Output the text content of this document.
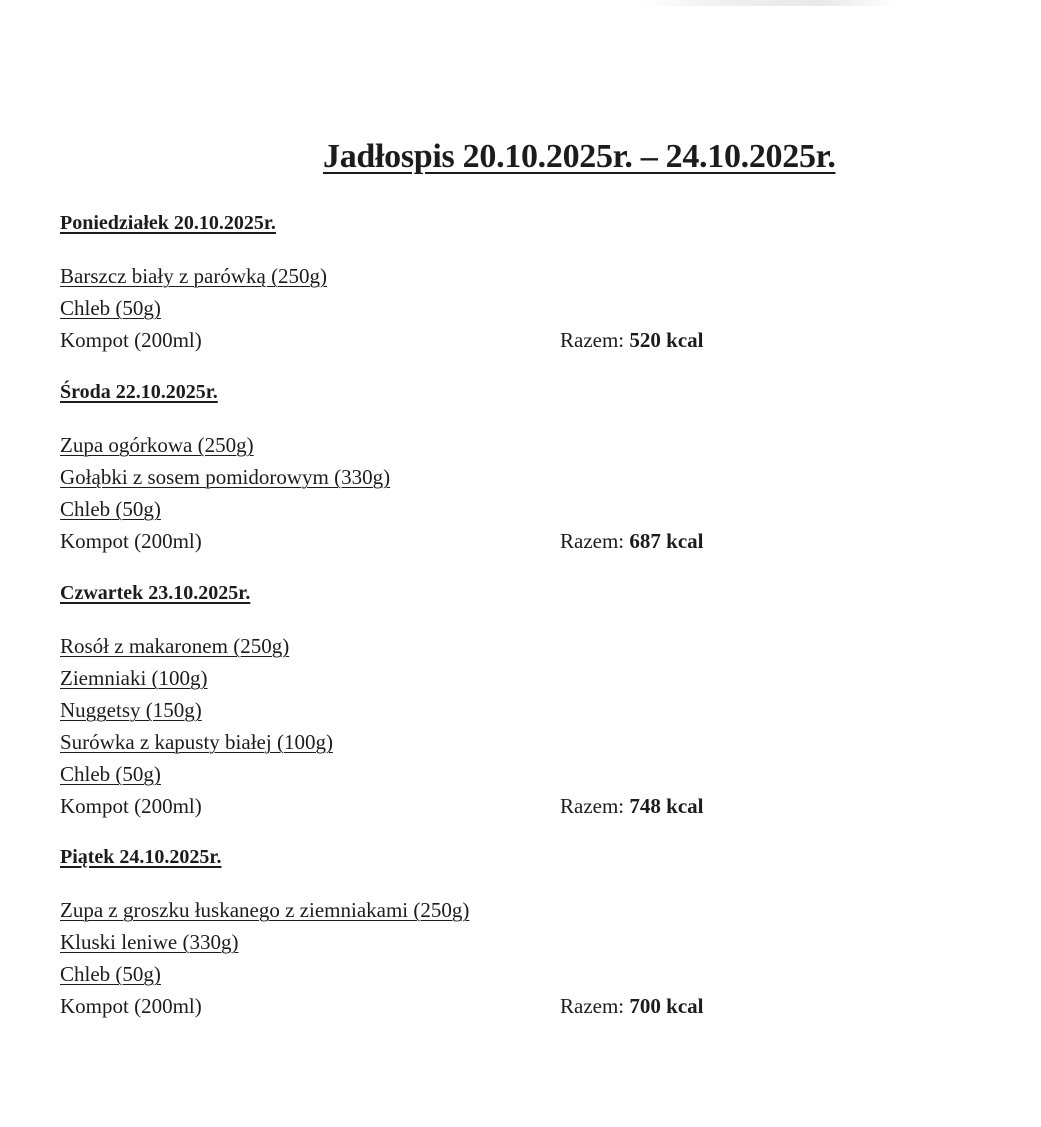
Jadłospis 20.10.2025r. – 24.10.2025r.
Poniedziałek 20.10.2025r.
Barszcz biały z parówką (250g)
Chleb (50g)
Kompot (200ml)	Razem: 520 kcal
Środa 22.10.2025r.
Zupa ogórkowa (250g)
Gołąbki z sosem pomidorowym (330g)
Chleb (50g)
Kompot (200ml)	Razem: 687 kcal
Czwartek 23.10.2025r.
Rosół z makaronem (250g)
Ziemniaki (100g)
Nuggetsy (150g)
Surówka z kapusty białej (100g)
Chleb (50g)
Kompot (200ml)	Razem: 748 kcal
Piątek 24.10.2025r.
Zupa z groszku łuskanego z ziemniakami (250g)
Kluski leniwe (330g)
Chleb (50g)
Kompot (200ml)	Razem: 700 kcal
